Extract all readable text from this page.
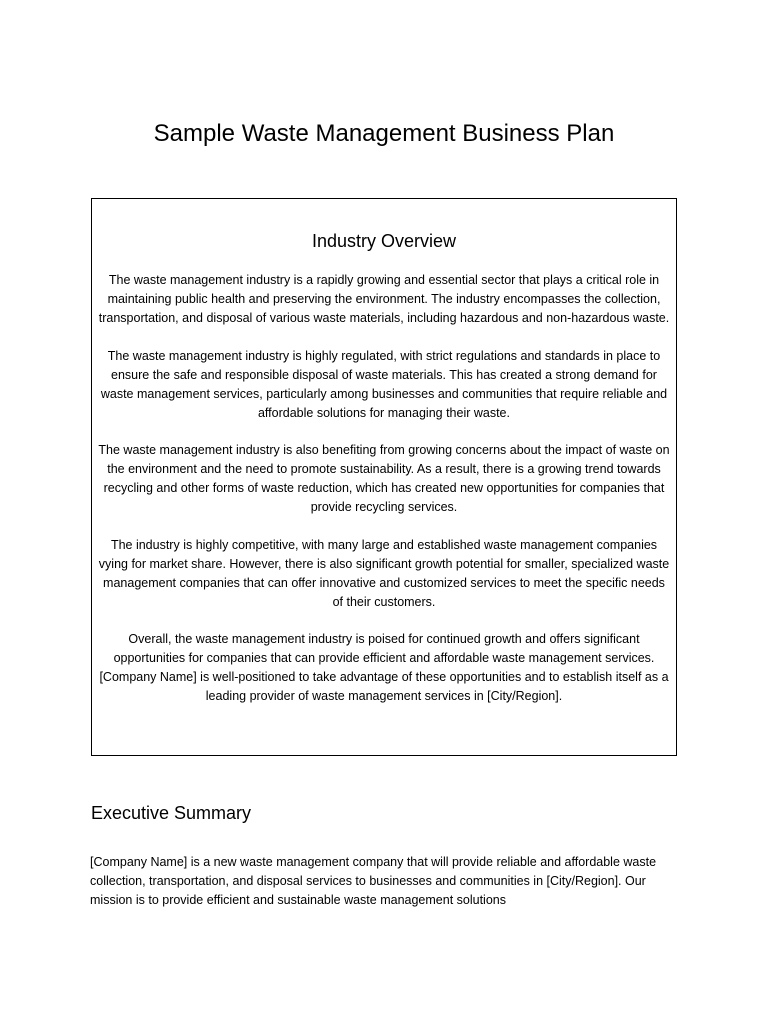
Sample Waste Management Business Plan
Industry Overview

The waste management industry is a rapidly growing and essential sector that plays a critical role in maintaining public health and preserving the environment. The industry encompasses the collection, transportation, and disposal of various waste materials, including hazardous and non-hazardous waste.

The waste management industry is highly regulated, with strict regulations and standards in place to ensure the safe and responsible disposal of waste materials. This has created a strong demand for waste management services, particularly among businesses and communities that require reliable and affordable solutions for managing their waste.

The waste management industry is also benefiting from growing concerns about the impact of waste on the environment and the need to promote sustainability. As a result, there is a growing trend towards recycling and other forms of waste reduction, which has created new opportunities for companies that provide recycling services.

The industry is highly competitive, with many large and established waste management companies vying for market share. However, there is also significant growth potential for smaller, specialized waste management companies that can offer innovative and customized services to meet the specific needs of their customers.

Overall, the waste management industry is poised for continued growth and offers significant opportunities for companies that can provide efficient and affordable waste management services. [Company Name] is well-positioned to take advantage of these opportunities and to establish itself as a leading provider of waste management services in [City/Region].

Executive Summary

[Company Name] is a new waste management company that will provide reliable and affordable waste collection, transportation, and disposal services to businesses and communities in [City/Region]. Our mission is to provide efficient and sustainable waste management solutions
